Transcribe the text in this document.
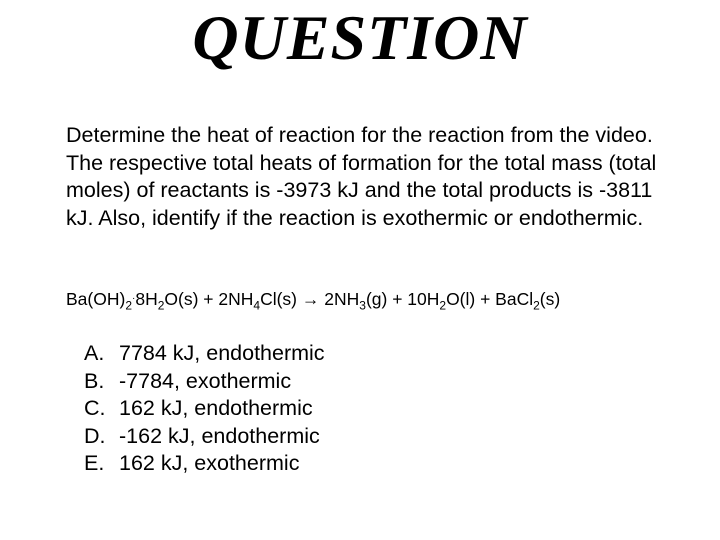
QUESTION
Determine the heat of reaction for the reaction from the video. The respective total heats of formation for the total mass (total moles) of reactants is -3973 kJ and the total products is -3811 kJ. Also, identify if the reaction is exothermic or endothermic.
$Ba(OH)_2^\cdot 8H_2O(s) + 2NH_4Cl(s) \to 2NH_3(g) + 10H_2O(l)$ + BaCl$_2$(s)
A. 7784 kJ, endothermic
B. -7784, exothermic
C. 162 kJ, endothermic
D. -162 kJ, endothermic
E. 162 kJ, exothermic
